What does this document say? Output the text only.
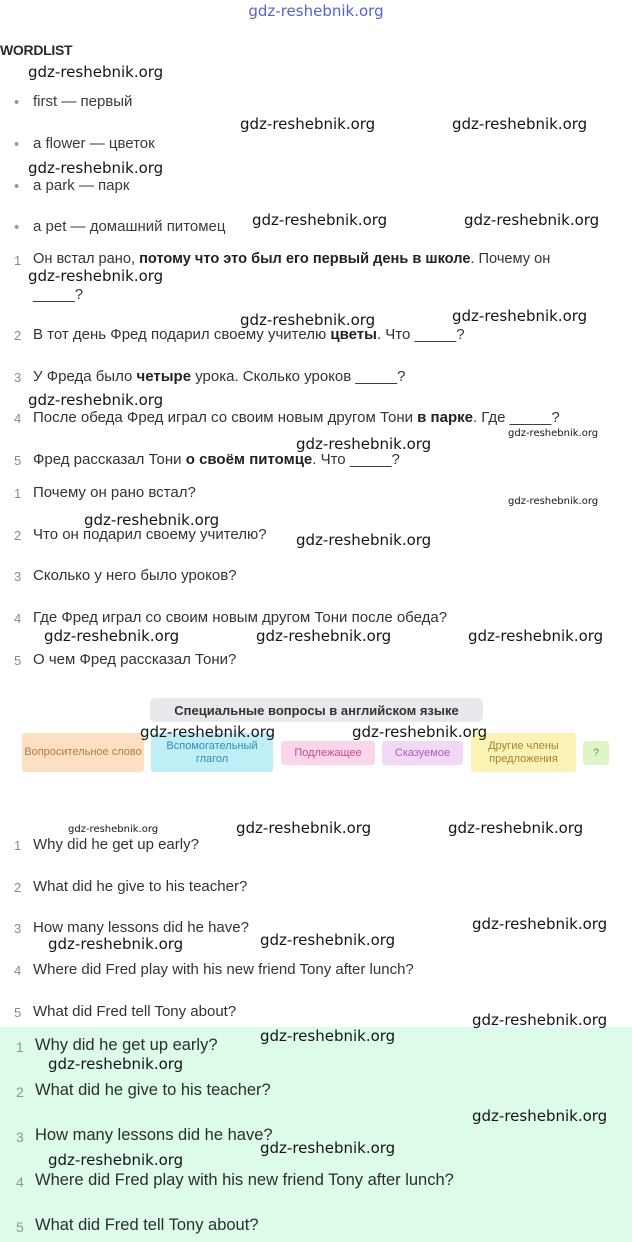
gdz-reshebnik.org
WORDLIST
• first — первый
• a flower — цветок
• a park — парк
• a pet — домашний питомец
1 Он встал рано, потому что это был его первый день в школе. Почему он
_____?
2 В тот день Фред подарил своему учителю цветы. Что _____?
3 У Фреда было четыре урока. Сколько уроков _____?
4 После обеда Фред играл со своим новым другом Тони в парке. Где _____?
5 Фред рассказал Тони о своём питомце. Что _____?
1 Почему он рано встал?
2 Что он подарил своему учителю?
3 Сколько у него было уроков?
4 Где Фред играл со своим новым другом Тони после обеда?
5 О чем Фред рассказал Тони?
Специальные вопросы в английском языке
Вопросительное слово
Вспомогательный глагол	Подлежащее	Сказуемое
Другие члены предложения	?
1 Why did he get up early?
2 What did he give to his teacher?
3 How many lessons did he have?
4 Where did Fred play with his new friend Tony after lunch?
5 What did Fred tell Tony about?
1 Why did he get up early?
2 What did he give to his teacher?
3 How many lessons did he have?
4 Where did Fred play with his new friend Tony after lunch?
5 What did Fred tell Tony about?
gdz-reshebnik.org
gdz-reshebnik.org	gdz-reshebnik.org
gdz-reshebnik.org
gdz-reshebnik.org	gdz-reshebnik.org
gdz-reshebnik.org
gdz-reshebnik.org
gdz-reshebnik.org
gdz-reshebnik.org
gdz-reshebnik.org
gdz-reshebnik.org
gdz-reshebnik.org
gdz-reshebnik.org
gdz-reshebnik.org
gdz-reshebnik.org	gdz-reshebnik.org	gdz-reshebnik.org
gdz-reshebnik.org	gdz-reshebnik.org
gdz-reshebnik.org	gdz-reshebnik.org	gdz-reshebnik.org
gdz-reshebnik.org
gdz-reshebnik.org
gdz-reshebnik.org
gdz-reshebnik.org
gdz-reshebnik.org
gdz-reshebnik.org
gdz-reshebnik.org
gdz-reshebnik.org
gdz-reshebnik.org
